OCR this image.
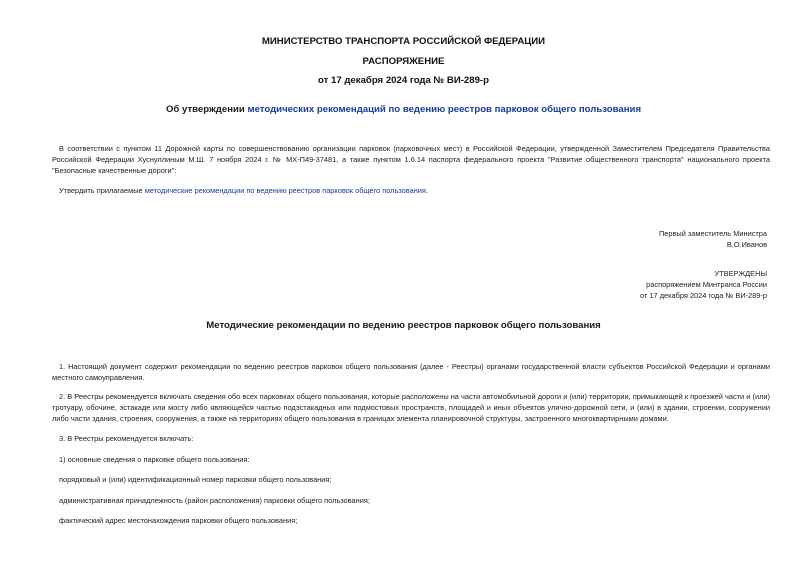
МИНИСТЕРСТВО ТРАНСПОРТА РОССИЙСКОЙ ФЕДЕРАЦИИ
РАСПОРЯЖЕНИЕ
от 17 декабря 2024 года № ВИ-289-р
Об утверждении методических рекомендаций по ведению реестров парковок общего пользования
В соответствии с пунктом 11 Дорожной карты по совершенствованию организации парковок (парковочных мест) в Российской Федерации, утвержденной Заместителем Председателя Правительства Российской Федерации Хуснуллиным М.Ш. 7 ноября 2024 г. № МХ-П49-37481, а также пунктом 1.6.14 паспорта федерального проекта "Развитие общественного транспорта" национального проекта "Безопасные качественные дороги":
Утвердить прилагаемые методические рекомендации по ведению реестров парковок общего пользования.
Первый заместитель Министра
В.О.Иванов
УТВЕРЖДЕНЫ
распоряжением Минтранса России
от 17 декабря 2024 года № ВИ-289-р
Методические рекомендации по ведению реестров парковок общего пользования
1. Настоящий документ содержит рекомендации по ведению реестров парковок общего пользования (далее - Реестры) органами государственной власти субъектов Российской Федерации и органами местного самоуправления.
2. В Реестры рекомендуется включать сведения обо всех парковках общего пользования, которые расположены на части автомобильной дороги и (или) территории, примыкающей к проезжей части и (или) тротуару, обочине, эстакаде или мосту либо являющейся частью подэстакадных или подмостовых пространств, площадей и иных объектов улично-дорожной сети, и (или) в здании, строении, сооружении либо части здания, строения, сооружения, а также на территориях общего пользования в границах элемента планировочной структуры, застроенного многоквартирными домами.
3. В Реестры рекомендуется включать:
1) основные сведения о парковке общего пользования:
порядковый и (или) идентификационный номер парковки общего пользования;
административная принадлежность (район расположения) парковки общего пользования;
фактический адрес местонахождения парковки общего пользования;
